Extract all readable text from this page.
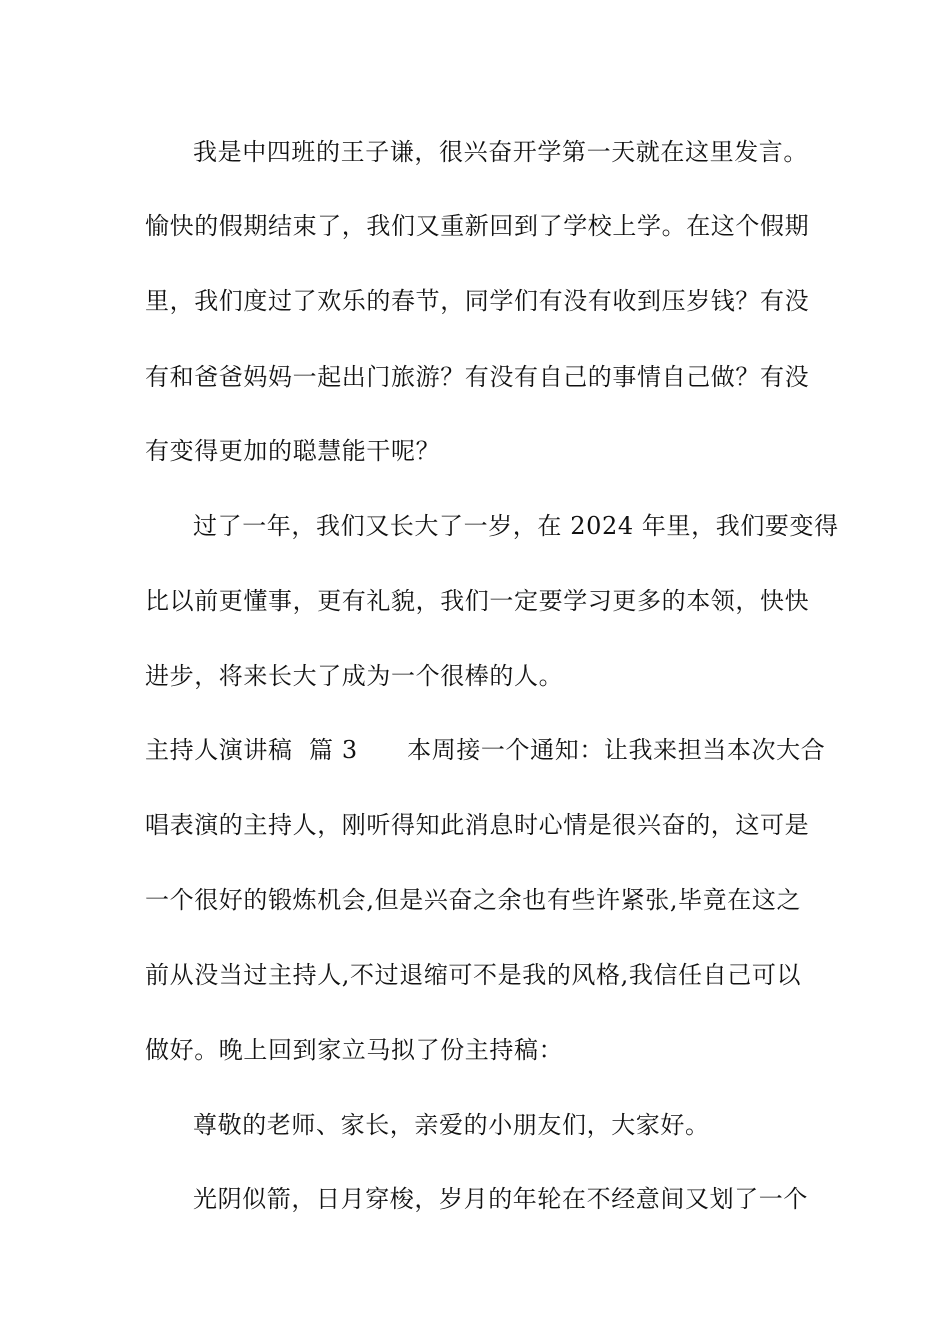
我是中四班的王子谦，很兴奋开学第一天就在这里发言。
愉快的假期结束了，我们又重新回到了学校上学。在这个假期
里，我们度过了欢乐的春节，同学们有没有收到压岁钱？有没
有和爸爸妈妈一起出门旅游？有没有自己的事情自己做？有没
有变得更加的聪慧能干呢？
过了一年，我们又长大了一岁，在 2024 年里，我们要变得
比以前更懂事，更有礼貌，我们一定要学习更多的本领，快快
进步，将来长大了成为一个很棒的人。
主持人演讲稿  篇 3      本周接一个通知：让我来担当本次大合
唱表演的主持人，刚听得知此消息时心情是很兴奋的，这可是
一个很好的锻炼机会,但是兴奋之余也有些许紧张,毕竟在这之
前从没当过主持人,不过退缩可不是我的风格,我信任自己可以
做好。晚上回到家立马拟了份主持稿：
尊敬的老师、家长，亲爱的小朋友们，大家好。
光阴似箭，日月穿梭，岁月的年轮在不经意间又划了一个
